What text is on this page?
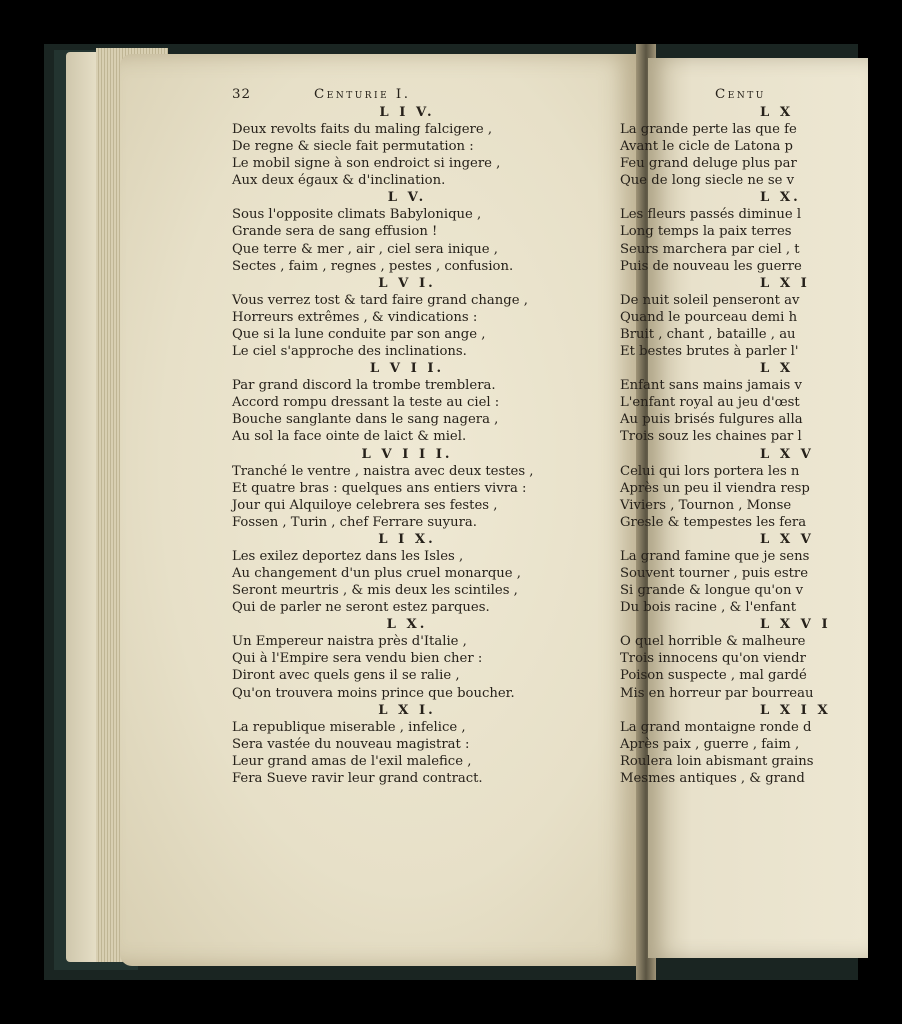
32	Centurie I.
L I V.
Deux revolts faits du maling falcigere ,
De regne & siecle fait permutation :
Le mobil signe à son endroict si ingere ,
Aux deux égaux & d'inclination.
L V.
Sous l'opposite climats Babylonique ,
Grande sera de sang effusion !
Que terre & mer , air , ciel sera inique ,
Sectes , faim , regnes , pestes , confusion.
L V I.
Vous verrez tost & tard faire grand change ,
Horreurs extrêmes , & vindications :
Que si la lune conduite par son ange ,
Le ciel s'approche des inclinations.
L V I I.
Par grand discord la trombe tremblera.
Accord rompu dressant la teste au ciel :
Bouche sanglante dans le sang nagera ,
Au sol la face ointe de laict & miel.
L V I I I.
Tranché le ventre , naistra avec deux testes ,
Et quatre bras : quelques ans entiers vivra :
Jour qui Alquiloye celebrera ses festes ,
Fossen , Turin , chef Ferrare suyura.
L I X.
Les exilez deportez dans les Isles ,
Au changement d'un plus cruel monarque ,
Seront meurtris , & mis deux les scintiles ,
Qui de parler ne seront estez parques.
L X.
Un Empereur naistra près d'Italie ,
Qui à l'Empire sera vendu bien cher :
Diront avec quels gens il se ralie ,
Qu'on trouvera moins prince que boucher.
L X I.
La republique miserable , infelice ,
Sera vastée du nouveau magistrat :
Leur grand amas de l'exil malefice ,
Fera Sueve ravir leur grand contract.
Centu
L X
La grande perte las que fe
Avant le cicle de Latona p
Feu grand deluge plus par
Que de long siecle ne se v
L X.
Les fleurs passés diminue l
Long temps la paix terres
Seurs marchera par ciel , t
Puis de nouveau les guerre
L X I
De nuit soleil penseront av
Quand le pourceau demi h
Bruit , chant , bataille , au
Et bestes brutes à parler l'
L X
Enfant sans mains jamais v
L'enfant royal au jeu d'œst
Au puis brisés fulgures alla
Trois souz les chaines par l
L X V
Celui qui lors portera les n
Après un peu il viendra resp
Viviers , Tournon , Monse
Gresle & tempestes les fera
L X V
La grand famine que je sens
Souvent tourner , puis estre
Si grande & longue qu'on v
Du bois racine , & l'enfant
L X V I
O quel horrible & malheure
Trois innocens qu'on viendr
Poison suspecte , mal gardé
Mis en horreur par bourreau
L X I X
La grand montaigne ronde d
Après paix , guerre , faim ,
Roulera loin abismant grains
Mesmes antiques , & grand
